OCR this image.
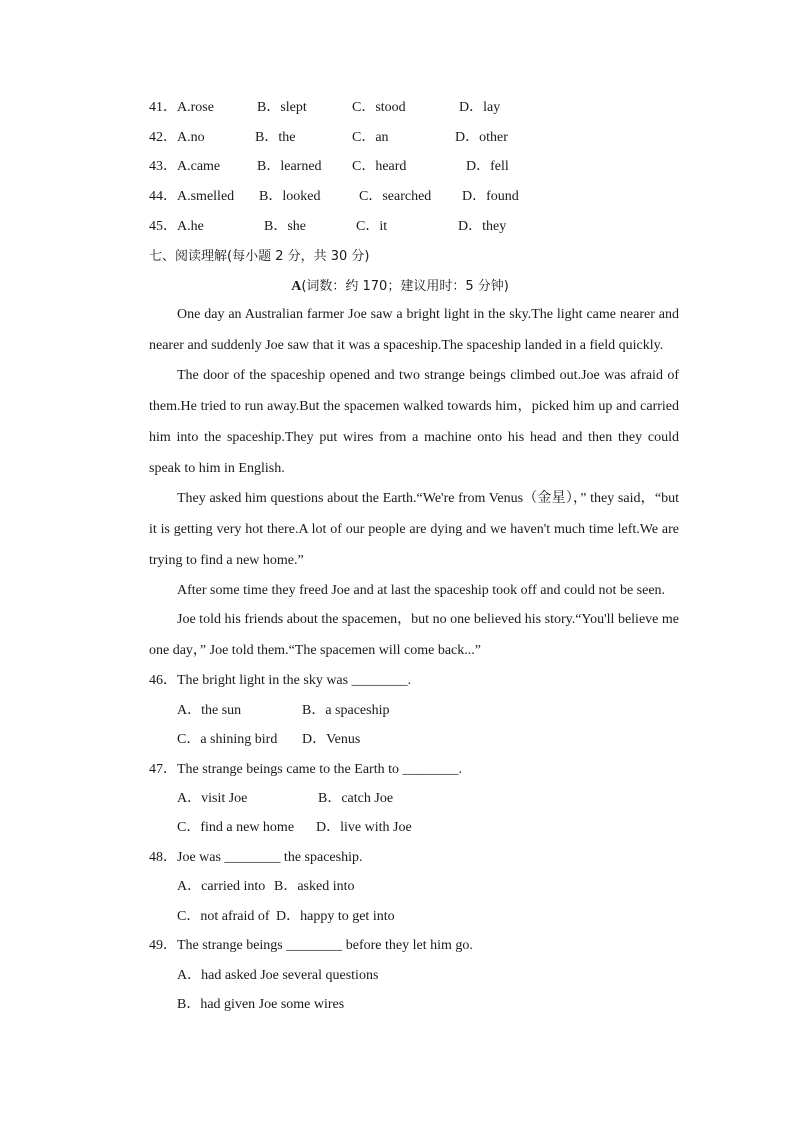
41． A.rose	B．slept	C．stood	D．lay
42． A.no	B．the	C．an	D．other
43． A.came	B．learned C．heard	D．fell
44． A.smelled B．looked	C．searched D．found
45． A.he	B．she	C．it	D．they
七、阅读理解(每小题 2 分，共 30 分)
A(词数：约 170；建议用时：5 分钟)

One day an Australian farmer Joe saw a bright light in the sky.The light came nearer and nearer and suddenly Joe saw that it was a spaceship.The spaceship landed in a field quickly.

The door of the spaceship opened and two strange beings climbed out.Joe was afraid of them.He tried to run away.But the spacemen walked towards him，picked him up and carried him into the spaceship.They put wires from a machine onto his head and then they could speak to him in English.

They asked him questions about the Earth.“We're from Venus（金星），” they said，“but it is getting very hot there.A lot of our people are dying and we haven't much time left.We are trying to find a new home.”

After some time they freed Joe and at last the spaceship took off and could not be seen.

Joe told his friends about the spacemen，but no one believed his story.“You'll believe me one day，” Joe told them.“The spacemen will come back...”

46．The bright light in the sky was ________.
A．the sun	B．a spaceship
C．a shining bird D．Venus
47．The strange beings came to the Earth to ________.
A．visit Joe	B．catch Joe
C．find a new home D．live with Joe
48．Joe was ________ the spaceship.
A．carried into B．asked into
C．not afraid of D．happy to get into
49．The strange beings ________ before they let him go.
A．had asked Joe several questions
B．had given Joe some wires
